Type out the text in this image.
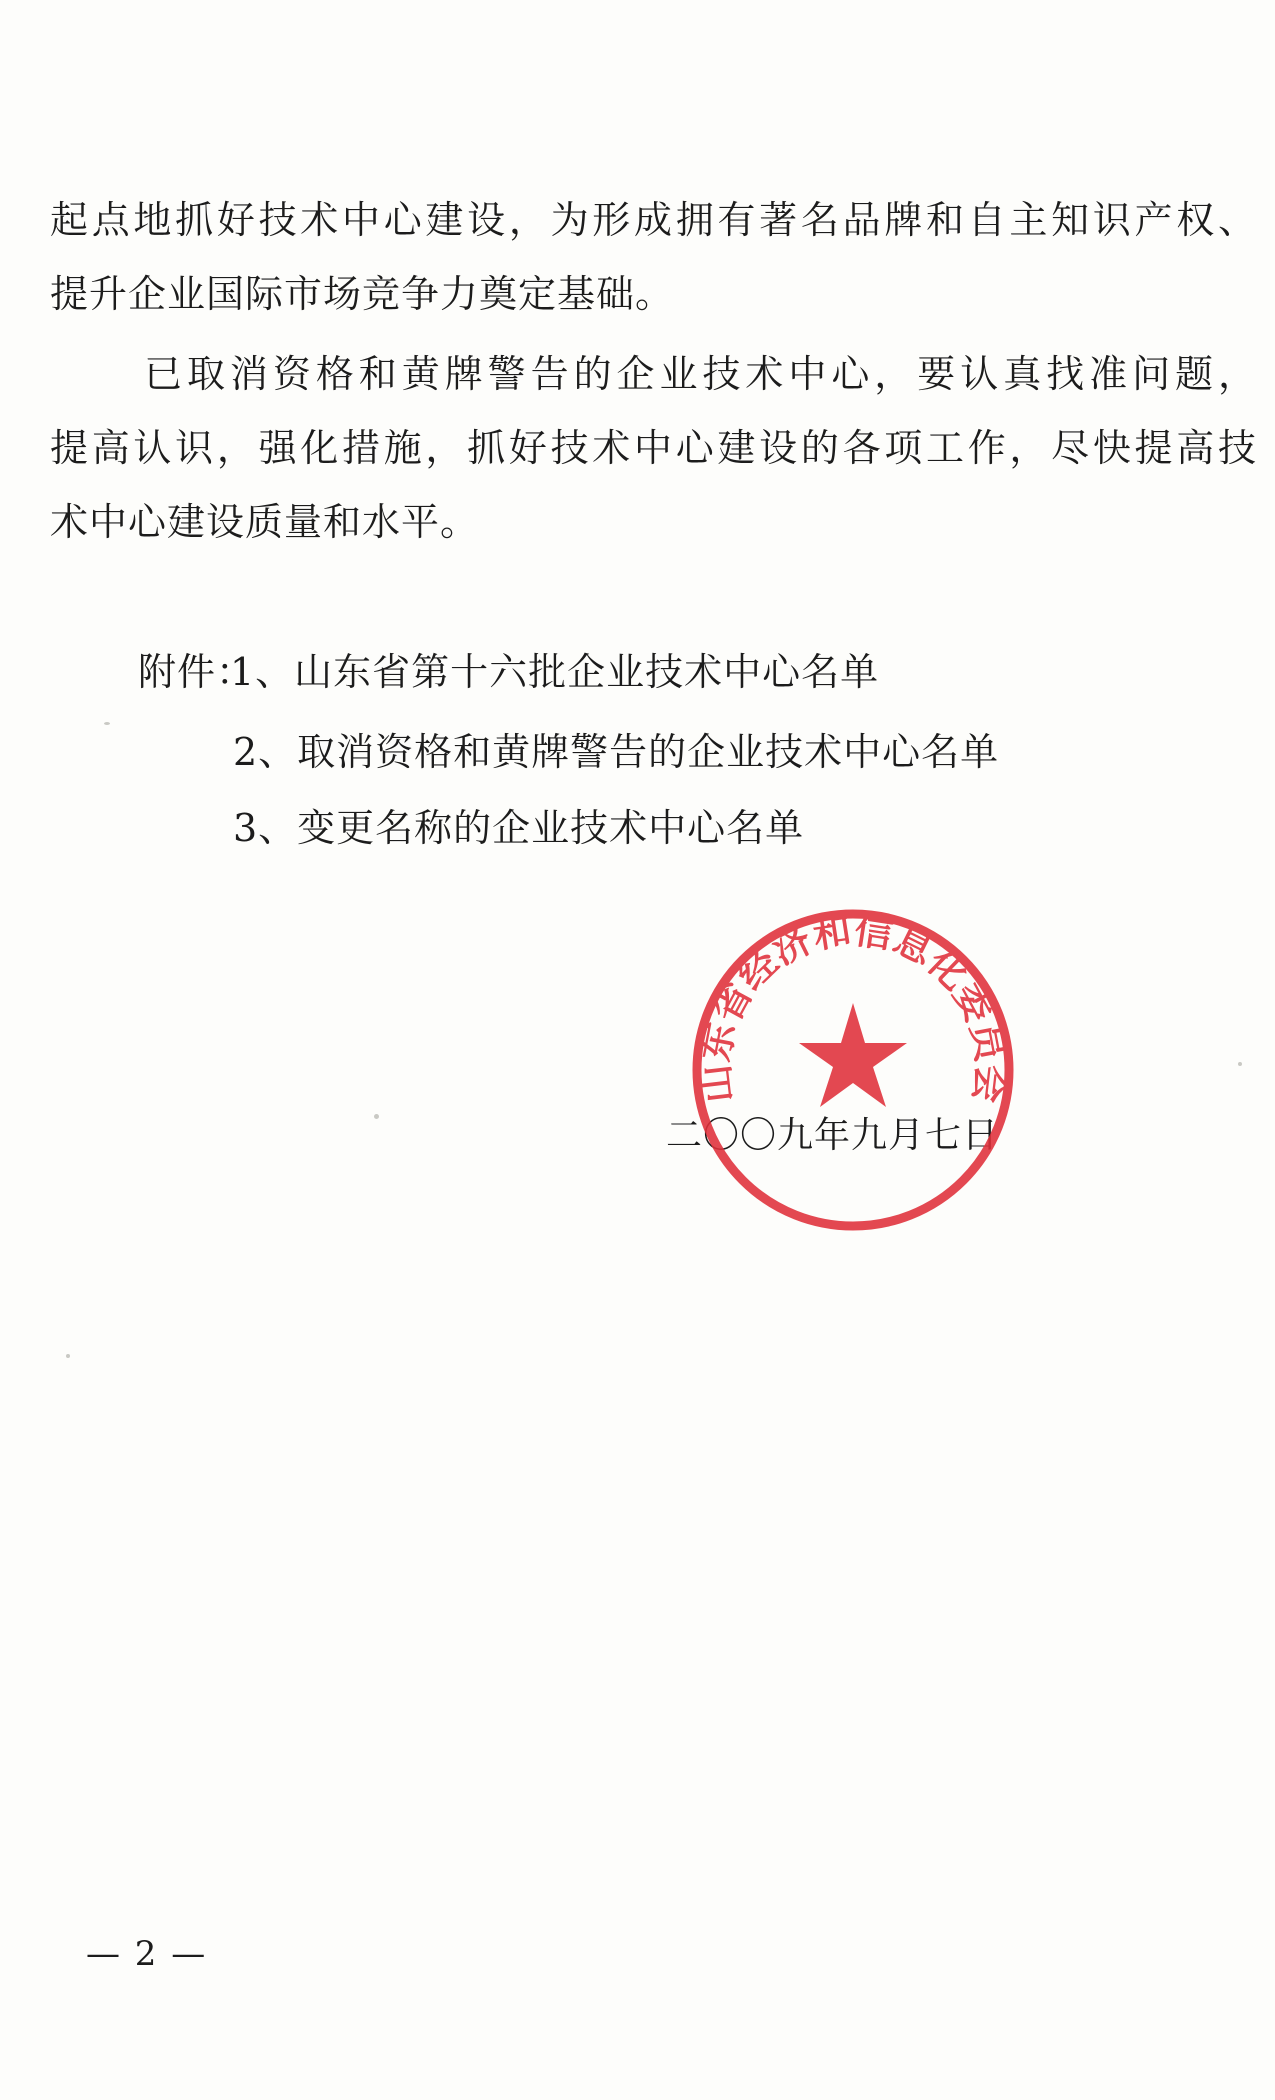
起点地抓好技术中心建设，为形成拥有著名品牌和自主知识产权、
提升企业国际市场竞争力奠定基础。
已取消资格和黄牌警告的企业技术中心，要认真找准问题，
提高认识，强化措施，抓好技术中心建设的各项工作，尽快提高技
术中心建设质量和水平。
附件：
1、山东省第十六批企业技术中心名单
2、取消资格和黄牌警告的企业技术中心名单
3、变更名称的企业技术中心名单
二〇〇九年九月七日
山东省经济和信息化委员会
— 2 —
